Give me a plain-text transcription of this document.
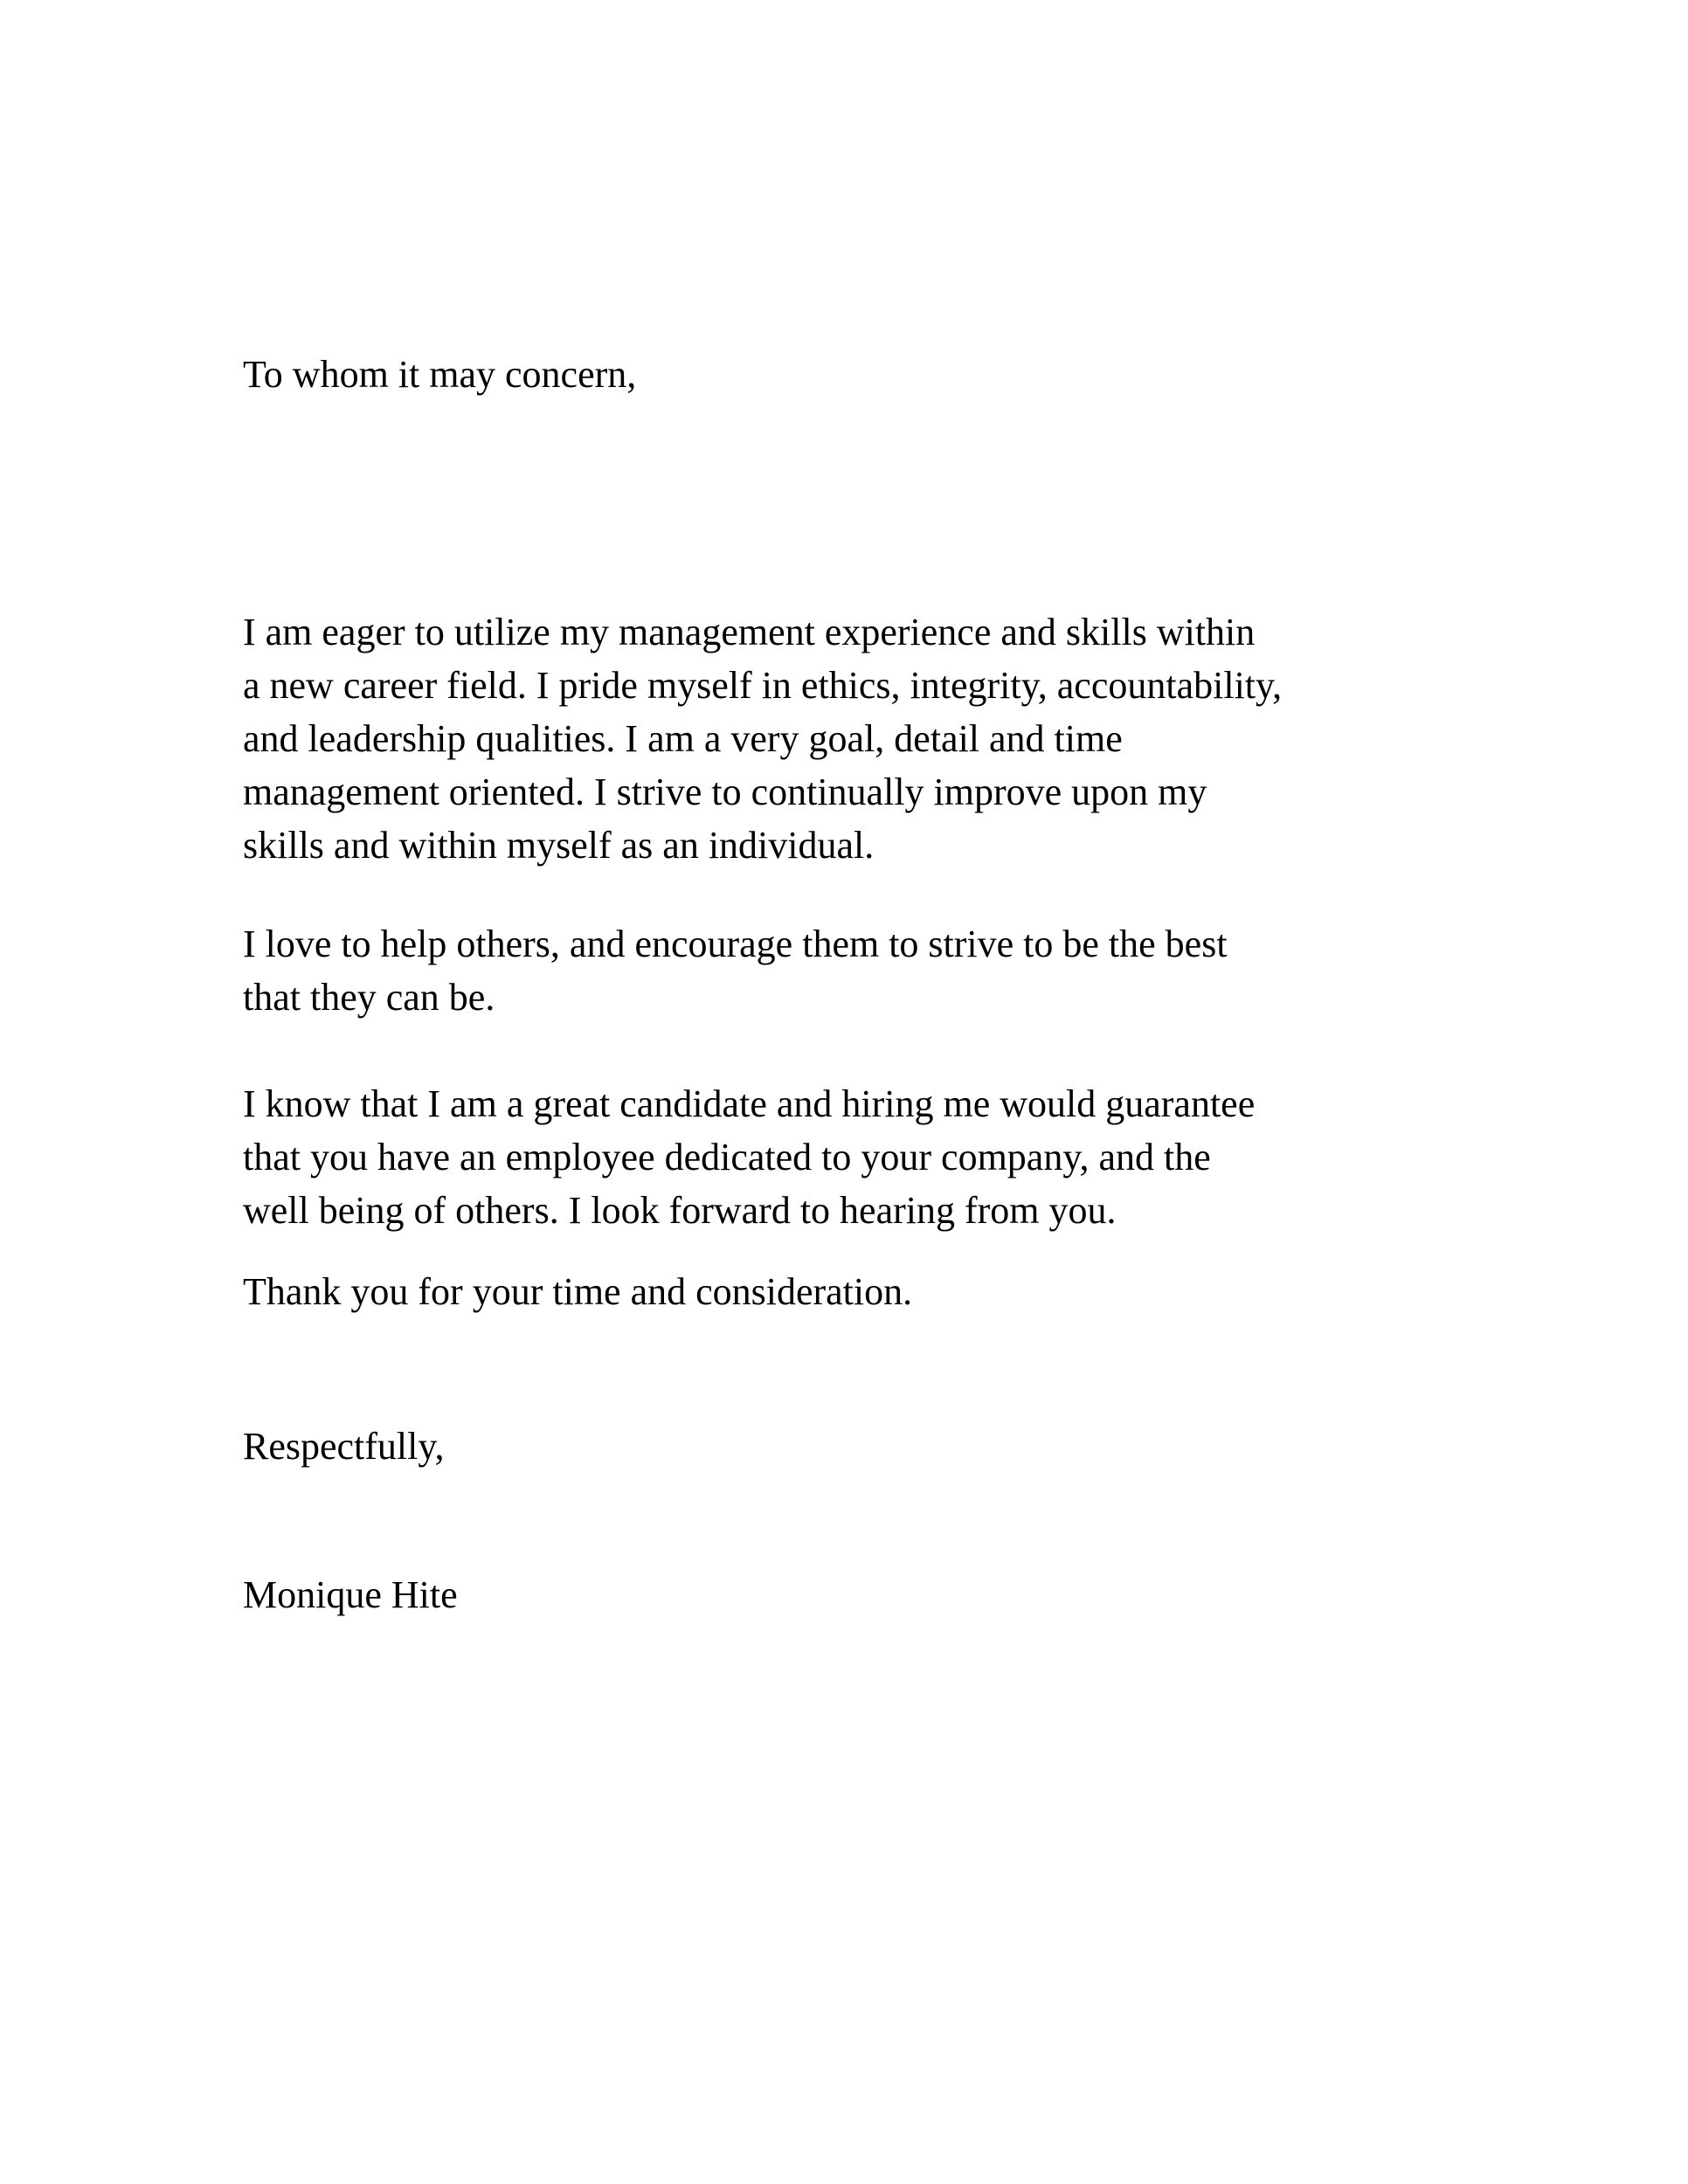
To whom it may concern,
I am eager to utilize my management experience and skills within
a new career field. I pride myself in ethics, integrity, accountability,
and leadership qualities. I am a very goal, detail and time
management oriented. I strive to continually improve upon my
skills and within myself as an individual.
I love to help others, and encourage them to strive to be the best
that they can be.
I know that I am a great candidate and hiring me would guarantee
that you have an employee dedicated to your company, and the
well being of others. I look forward to hearing from you.
Thank you for your time and consideration.
Respectfully,
Monique Hite
